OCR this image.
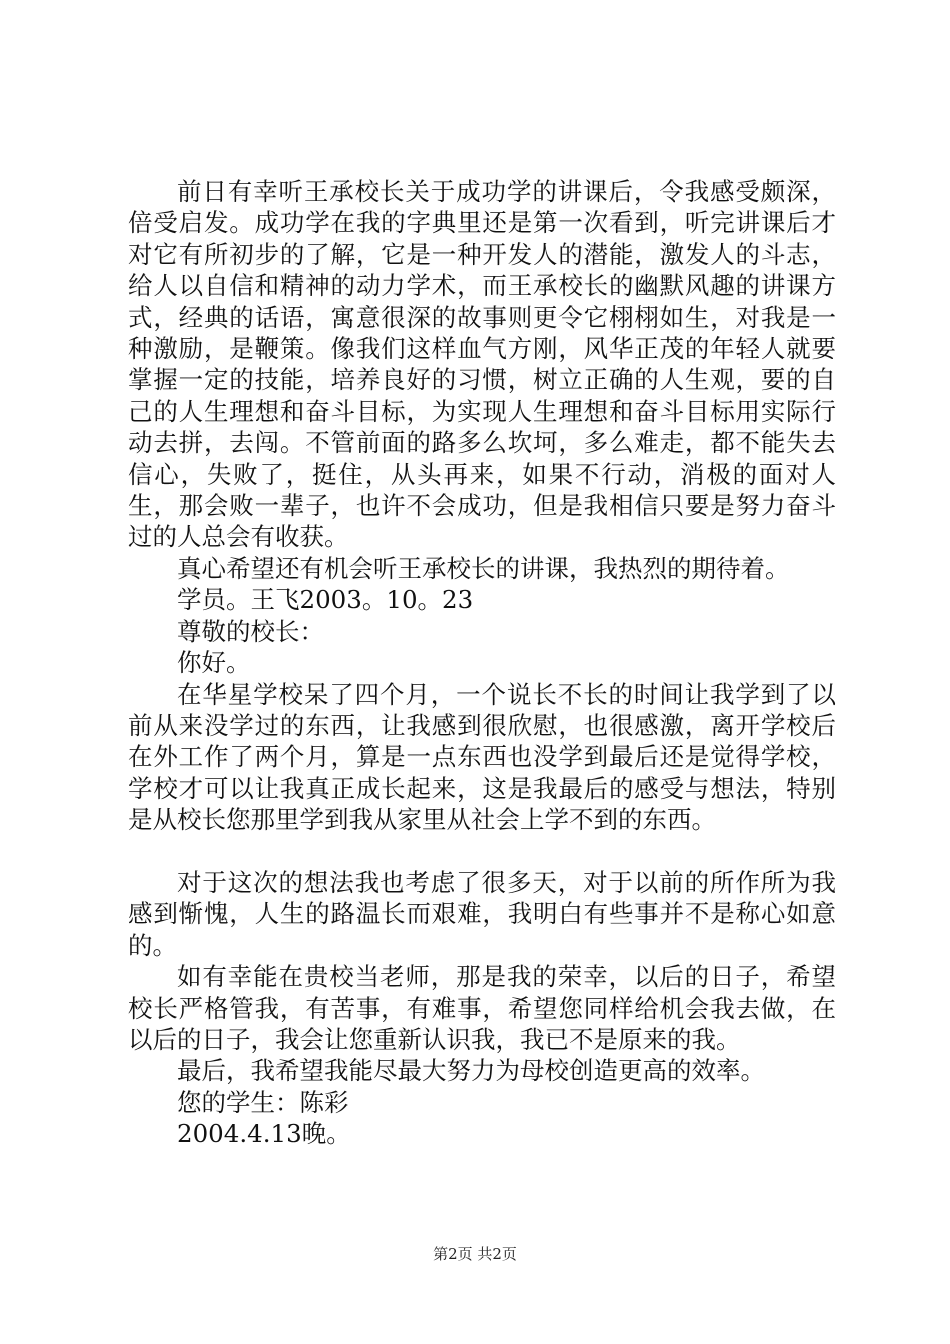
前日有幸听王承校长关于成功学的讲课后，令我感受颇深，倍受启发。成功学在我的字典里还是第一次看到，听完讲课后才对它有所初步的了解，它是一种开发人的潜能，激发人的斗志，给人以自信和精神的动力学术，而王承校长的幽默风趣的讲课方式，经典的话语，寓意很深的故事则更令它栩栩如生，对我是一种激励，是鞭策。像我们这样血气方刚，风华正茂的年轻人就要掌握一定的技能，培养良好的习惯，树立正确的人生观，要的自己的人生理想和奋斗目标，为实现人生理想和奋斗目标用实际行动去拼，去闯。不管前面的路多么坎坷，多么难走，都不能失去信心，失败了，挺住，从头再来，如果不行动，消极的面对人生，那会败一辈子，也许不会成功，但是我相信只要是努力奋斗过的人总会有收获。

真心希望还有机会听王承校长的讲课，我热烈的期待着。

学员。王飞2003。10。23

尊敬的校长：

你好。

在华星学校呆了四个月，一个说长不长的时间让我学到了以前从来没学过的东西，让我感到很欣慰，也很感激，离开学校后在外工作了两个月，算是一点东西也没学到最后还是觉得学校，学校才可以让我真正成长起来，这是我最后的感受与想法，特别是从校长您那里学到我从家里从社会上学不到的东西。

对于这次的想法我也考虑了很多天，对于以前的所作所为我感到惭愧，人生的路温长而艰难，我明白有些事并不是称心如意的。

如有幸能在贵校当老师，那是我的荣幸，以后的日子，希望校长严格管我，有苦事，有难事，希望您同样给机会我去做，在以后的日子，我会让您重新认识我，我已不是原来的我。

最后，我希望我能尽最大努力为母校创造更高的效率。

您的学生：陈彩

2004.4.13晚。

第2页 共2页
